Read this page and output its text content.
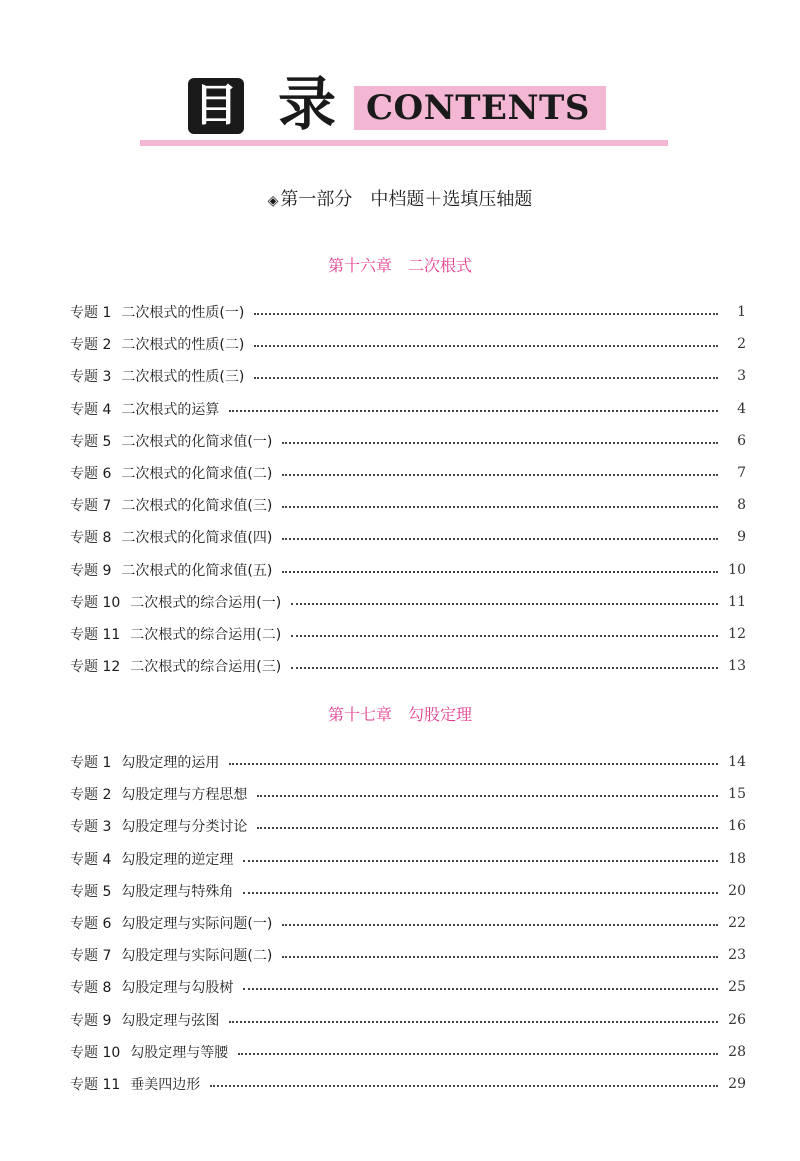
目 录 CONTENTS
◈ 第一部分　中档题＋选填压轴题
第十六章　二次根式
专题 1 二次根式的性质(一)	1
专题 2 二次根式的性质(二)	2
专题 3 二次根式的性质(三)	3
专题 4 二次根式的运算	4
专题 5 二次根式的化简求值(一)	6
专题 6 二次根式的化简求值(二)	7
专题 7 二次根式的化简求值(三)	8
专题 8 二次根式的化简求值(四)	9
专题 9 二次根式的化简求值(五)	10
专题 10 二次根式的综合运用(一)	11
专题 11 二次根式的综合运用(二)	12
专题 12 二次根式的综合运用(三)	13
第十七章　勾股定理
专题 1 勾股定理的运用	14
专题 2 勾股定理与方程思想	15
专题 3 勾股定理与分类讨论	16
专题 4 勾股定理的逆定理	18
专题 5 勾股定理与特殊角	20
专题 6 勾股定理与实际问题(一)	22
专题 7 勾股定理与实际问题(二)	23
专题 8 勾股定理与勾股树	25
专题 9 勾股定理与弦图	26
专题 10 勾股定理与等腰	28
专题 11 垂美四边形	29
